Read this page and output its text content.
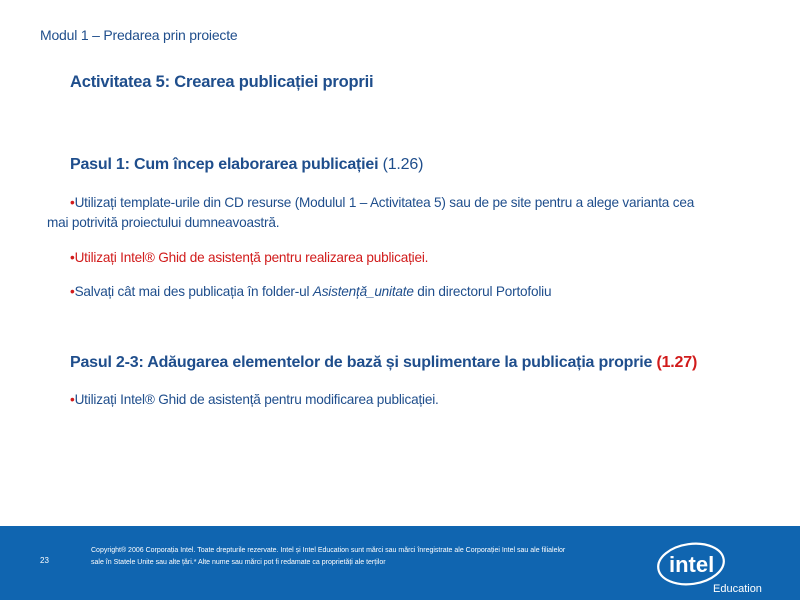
Modul 1 – Predarea prin proiecte
Activitatea 5: Crearea publicației proprii
Pasul 1: Cum încep elaborarea publicației (1.26)
•Utilizați template-urile din CD resurse (Modulul 1 – Activitatea 5) sau de pe site pentru a alege varianta cea
mai potrivită proiectului dumneavoastră.
•Utilizați Intel® Ghid de asistență pentru realizarea publicației.
•Salvați cât mai des publicația în folder-ul Asistență_unitate din directorul Portofoliu
Pasul 2-3: Adăugarea elementelor de bază și suplimentare la publicația proprie (1.27)
•Utilizați Intel® Ghid de asistență pentru modificarea publicației.
23
Copyright® 2006 Corporația Intel. Toate drepturile rezervate. Intel și Intel Education sunt mărci sau mărci înregistrate ale Corporației Intel sau ale filialelor
sale în Statele Unite sau alte țări.* Alte nume sau mărci pot fi redamate ca proprietăți ale terților	intel
Education
